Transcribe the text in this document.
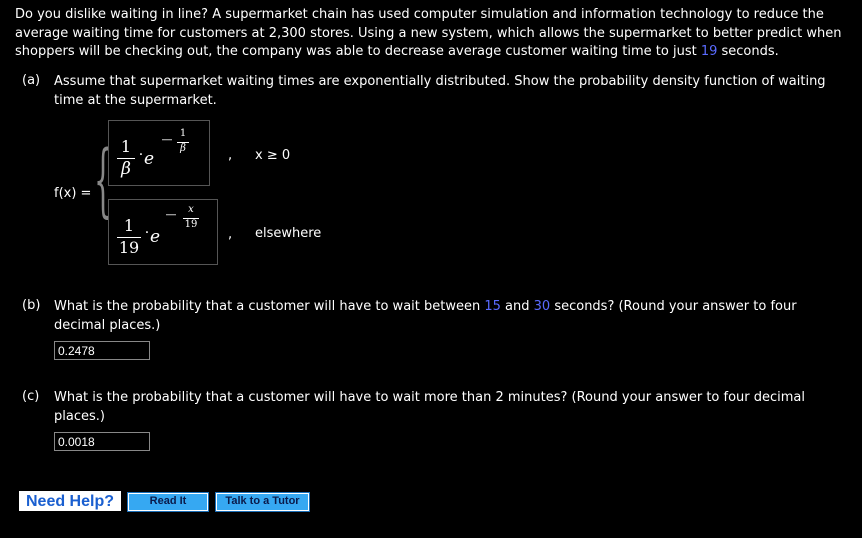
Do you dislike waiting in line? A supermarket chain has used computer simulation and information technology to reduce the average waiting time for customers at 2,300 stores. Using a new system, which allows the supermarket to better predict when shoppers will be checking out, the company was able to decrease average customer waiting time to just 19 seconds.
(a) Assume that supermarket waiting times are exponentially distributed. Show the probability density function of waiting time at the supermarket.
f(x) = { 1
β
· e
— 1
β	, x ≥ 0
1
19
· e
—	x
19
, elsewhere
(b) What is the probability that a customer will have to wait between 15 and 30 seconds? (Round your answer to four decimal places.)
0.2478
(c) What is the probability that a customer will have to wait more than 2 minutes? (Round your answer to four decimal places.)
0.0018
Need Help?	Read It	Talk to a Tutor
